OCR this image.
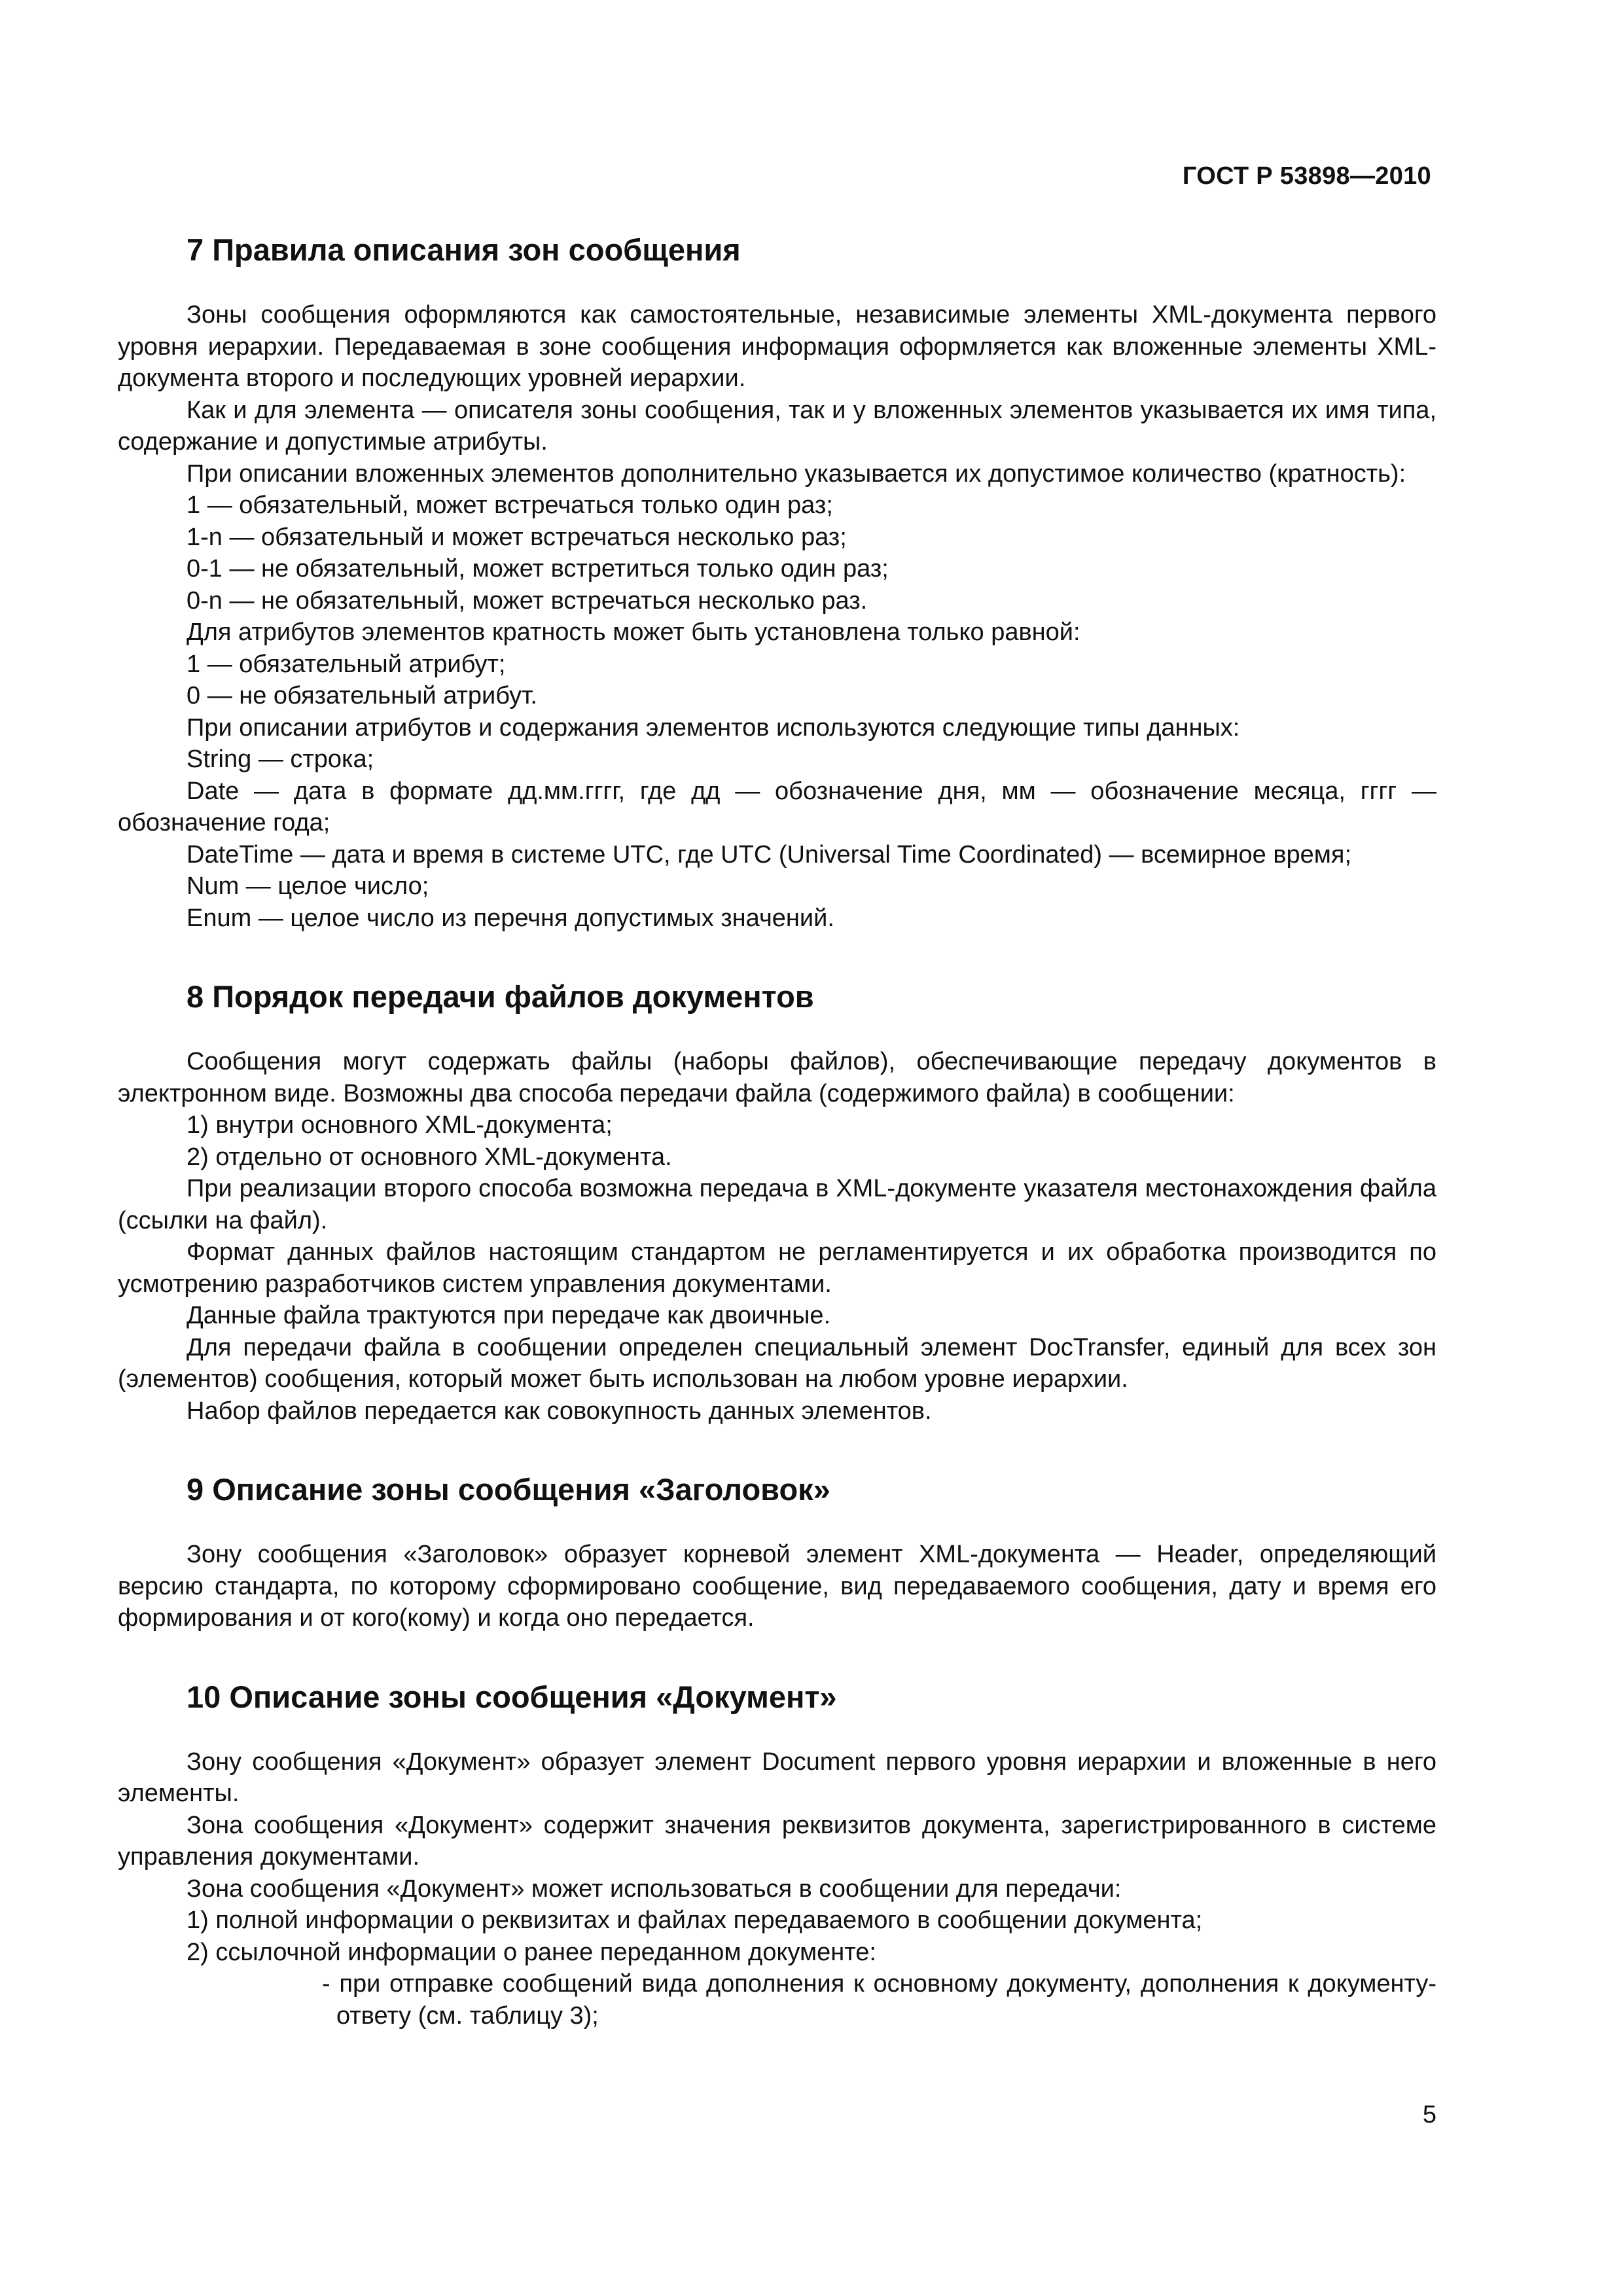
ГОСТ Р 53898—2010
7 Правила описания зон сообщения

Зоны сообщения оформляются как самостоятельные, независимые элементы XML-документа первого уровня иерархии. Передаваемая в зоне сообщения информация оформляется как вложенные элементы XML-документа второго и последующих уровней иерархии.

Как и для элемента — описателя зоны сообщения, так и у вложенных элементов указывается их имя типа, содержание и допустимые атрибуты.

При описании вложенных элементов дополнительно указывается их допустимое количество (кратность):

1 — обязательный, может встречаться только один раз;

1-n — обязательный и может встречаться несколько раз;

0-1 — не обязательный, может встретиться только один раз;

0-n — не обязательный, может встречаться несколько раз.

Для атрибутов элементов кратность может быть установлена только равной:

1 — обязательный атрибут;

0 — не обязательный атрибут.

При описании атрибутов и содержания элементов используются следующие типы данных:

String — строка;

Date — дата в формате дд.мм.гггг, где дд — обозначение дня, мм — обозначение месяца, гггг — обозначение года;

DateTime — дата и время в системе UTC, где UTC (Universal Time Coordinated) — всемирное время;

Num — целое число;

Enum — целое число из перечня допустимых значений.

8 Порядок передачи файлов документов

Сообщения могут содержать файлы (наборы файлов), обеспечивающие передачу документов в электронном виде. Возможны два способа передачи файла (содержимого файла) в сообщении:

1) внутри основного XML-документа;

2) отдельно от основного XML-документа.

При реализации второго способа возможна передача в XML-документе указателя местонахождения файла (ссылки на файл).

Формат данных файлов настоящим стандартом не регламентируется и их обработка производится по усмотрению разработчиков систем управления документами.

Данные файла трактуются при передаче как двоичные.

Для передачи файла в сообщении определен специальный элемент DocTransfer, единый для всех зон (элементов) сообщения, который может быть использован на любом уровне иерархии.

Набор файлов передается как совокупность данных элементов.

9 Описание зоны сообщения «Заголовок»

Зону сообщения «Заголовок» образует корневой элемент XML-документа — Header, определяющий версию стандарта, по которому сформировано сообщение, вид передаваемого сообщения, дату и время его формирования и от кого(кому) и когда оно передается.

10 Описание зоны сообщения «Документ»

Зону сообщения «Документ» образует элемент Document первого уровня иерархии и вложенные в него элементы.

Зона сообщения «Документ» содержит значения реквизитов документа, зарегистрированного в системе управления документами.

Зона сообщения «Документ» может использоваться в сообщении для передачи:

1) полной информации о реквизитах и файлах передаваемого в сообщении документа;

2) ссылочной информации о ранее переданном документе:

- при отправке сообщений вида дополнения к основному документу, дополнения к документу-ответу (см. таблицу 3);

5
